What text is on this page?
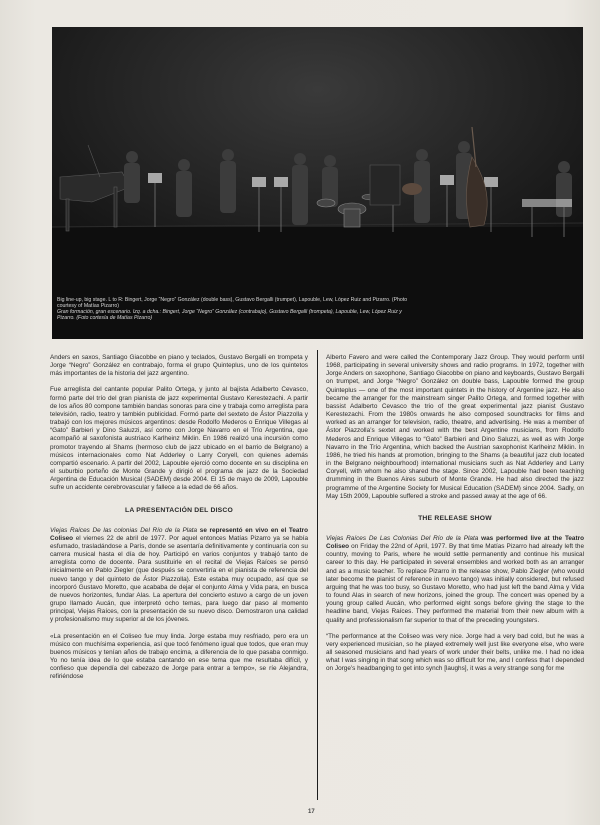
Big line-up, big stage. L to R: Bingert, Jorge “Negro” González (double bass), Gustavo Bergalli (trumpet), Lapouble, Lew, López Ruiz and Pizarro. (Photo courtesy of Matías Pizarro)
Gran formación, gran escenario. Izq. a dcha.: Bingert, Jorge “Negro” González (contrabajo), Gustavo Bergalli (trompeta), Lapouble, Lew, López Ruiz y Pizarro. (Foto cortesía de Matías Pizarro)

Anders en saxos, Santiago Giacobbe en piano y teclados, Gustavo Bergalli en trompeta y Jorge “Negro” González en contrabajo, forma el grupo Quinteplus, uno de los quintetos más importantes de la historia del jazz argentino.

Fue arreglista del cantante popular Palito Ortega, y junto al bajista Adalberto Cevasco, formó parte del trío del gran pianista de jazz experimental Gustavo Kerestezachi. A partir de los años 80 compone también bandas sonoras para cine y trabaja como arreglista para televisión, radio, teatro y también publicidad. Formó parte del sexteto de Ástor Piazzolla y trabajó con los mejores músicos argentinos: desde Rodolfo Mederos o Enrique Villegas al “Gato” Barbieri y Dino Saluzzi, así como con Jorge Navarro en el Trío Argentina, que acompañó al saxofonista austriaco Karlheinz Miklin. En 1986 realizó una incursión como promotor trayendo al Shams (hermoso club de jazz ubicado en el barrio de Belgrano) a músicos internacionales como Nat Adderley o Larry Coryell, con quienes además compartió escenario. A partir del 2002, Lapouble ejerció como docente en su disciplina en el suburbio porteño de Monte Grande y dirigió el programa de jazz de la Sociedad Argentina de Educación Musical (SADEM) desde 2004. El 15 de mayo de 2009, Lapouble sufre un accidente cerebrovascular y fallece a la edad de 66 años.

LA PRESENTACIÓN DEL DISCO

Viejas Raíces De las colonias Del Río de la Plata se representó en vivo en el Teatro Coliseo el viernes 22 de abril de 1977. Por aquel entonces Matías Pizarro ya se había esfumado, trasladándose a París, donde se asentaría definitivamente y continuaría con su carrera musical hasta el día de hoy. Participó en varios conjuntos y trabajó tanto de arreglista como de docente. Para sustituirle en el recital de Viejas Raíces se pensó inicialmente en Pablo Ziegler (que después se convertiría en el pianista de referencia del nuevo tango y del quinteto de Ástor Piazzolla). Este estaba muy ocupado, así que se incorporó Gustavo Moretto, que acababa de dejar el conjunto Alma y Vida para, en busca de nuevos horizontes, fundar Alas. La apertura del concierto estuvo a cargo de un joven grupo llamado Aucán, que interpretó ocho temas, para luego dar paso al momento principal, Viejas Raíces, con la presentación de su nuevo disco. Demostraron una calidad y profesionalismo muy superior al de los jóvenes.

«La presentación en el Coliseo fue muy linda. Jorge estaba muy resfriado, pero era un músico con muchísima experiencia, así que tocó fenómeno igual que todos, que eran muy buenos músicos y tenían años de trabajo encima, a diferencia de lo que pasaba conmigo. Yo no tenía idea de lo que estaba cantando en ese tema que me resultaba difícil, y confieso que dependía del cabezazo de Jorge para entrar a tempo», se ríe Alejandra, refiriéndose

Alberto Favero and were called the Contemporary Jazz Group. They would perform until 1968, participating in several university shows and radio programs. In 1972, together with Jorge Anders on saxophone, Santiago Giacobbe on piano and keyboards, Gustavo Bergalli on trumpet, and Jorge “Negro” González on double bass, Lapouble formed the group Quinteplus — one of the most important quintets in the history of Argentine jazz. He also became the arranger for the mainstream singer Palito Ortega, and formed together with bassist Adalberto Cevasco the trio of the great experimental jazz pianist Gustavo Kerestezachi. From the 1980s onwards he also composed soundtracks for films and worked as an arranger for television, radio, theatre, and advertising. He was a member of Ástor Piazzolla’s sextet and worked with the best Argentine musicians, from Rodolfo Mederos and Enrique Villegas to “Gato” Barbieri and Dino Saluzzi, as well as with Jorge Navarro in the Trío Argentina, which backed the Austrian saxophonist Karlheinz Miklin. In 1986, he tried his hands at promotion, bringing to the Shams (a beautiful jazz club located in the Belgrano neighbourhood) international musicians such as Nat Adderley and Larry Coryell, with whom he also shared the stage. Since 2002, Lapouble had been teaching drumming in the Buenos Aires suburb of Monte Grande. He had also directed the jazz programme of the Argentine Society for Musical Education (SADEM) since 2004. Sadly, on May 15th 2009, Lapouble suffered a stroke and passed away at the age of 66.

THE RELEASE SHOW

Viejas Raíces De Las Colonias Del Río de la Plata was performed live at the Teatro Coliseo on Friday the 22nd of April, 1977. By that time Matías Pizarro had already left the country, moving to Paris, where he would settle permanently and continue his musical career to this day. He participated in several ensembles and worked both as an arranger and as a music teacher. To replace Pizarro in the release show, Pablo Ziegler (who would later become the pianist of reference in nuevo tango) was initially considered, but refused arguing that he was too busy, so Gustavo Moretto, who had just left the band Alma y Vida to found Alas in search of new horizons, joined the group. The concert was opened by a young group called Aucán, who performed eight songs before giving the stage to the headline band, Viejas Raíces. They performed the material from their new album with a quality and professionalism far superior to that of the preceding youngsters.

“The performance at the Coliseo was very nice. Jorge had a very bad cold, but he was a very experienced musician, so he played extremely well just like everyone else, who were all seasoned musicians and had years of work under their belts, unlike me. I had no idea what I was singing in that song which was so difficult for me, and I confess that I depended on Jorge’s headbanging to get into synch [laughs], it was a very strange song for me

17
